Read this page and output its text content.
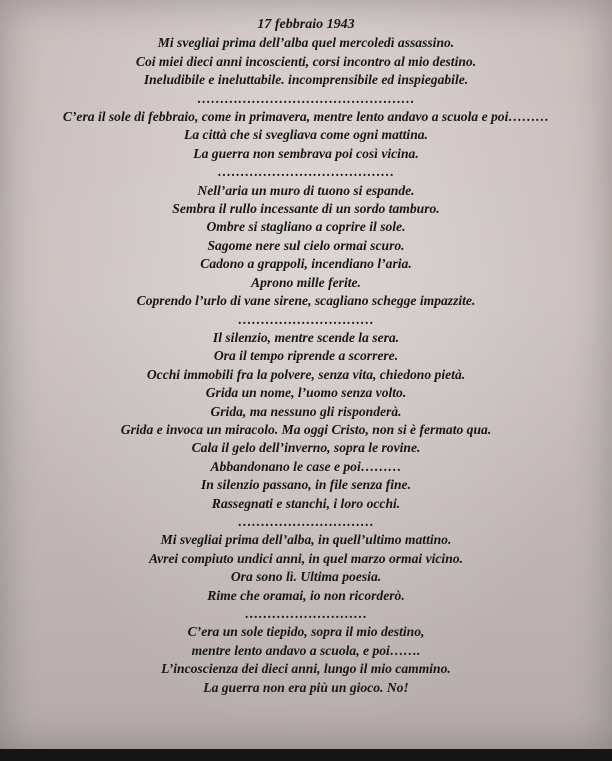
17 febbraio 1943
Mi svegliai prima dell’alba quel mercoledì assassino.
Coi miei dieci anni incoscienti, corsi incontro al mio destino.
Ineludibile e ineluttabile. incomprensibile ed inspiegabile.
…………………………………………
C’era il sole di febbraio, come in primavera, mentre lento andavo a scuola e poi………
La città che si svegliava come ogni mattina.
La guerra non sembrava poi così vicina.
…………………………………
Nell’aria un muro di tuono si espande.
Sembra il rullo incessante di un sordo tamburo.
Ombre si stagliano a coprire il sole.
Sagome nere sul cielo ormai scuro.
Cadono a grappoli, incendiano l’aria.
Aprono mille ferite.
Coprendo l’urlo di vane sirene, scagliano schegge impazzite.
…………………………
Il silenzio, mentre scende la sera.
Ora il tempo riprende a scorrere.
Occhi immobili fra la polvere, senza vita, chiedono pietà.
Grida un nome, l’uomo senza volto.
Grida, ma nessuno gli risponderà.
Grida e invoca un miracolo. Ma oggi Cristo, non si è fermato qua.
Cala il gelo dell’inverno, sopra le rovine.
Abbandonano le case e poi………
In silenzio passano, in file senza fine.
Rassegnati e stanchi, i loro occhi.
…………………………
Mi svegliai prima dell’alba, in quell’ultimo mattino.
Avrei compiuto undici anni, in quel marzo ormai vicino.
Ora sono lì. Ultima poesia.
Rime che oramai, io non ricorderò.
………………………
C’era un sole tiepido, sopra il mio destino,
mentre lento andavo a scuola, e poi…….
L’incoscienza dei dieci anni, lungo il mio cammino.
La guerra non era più un gioco. No!
